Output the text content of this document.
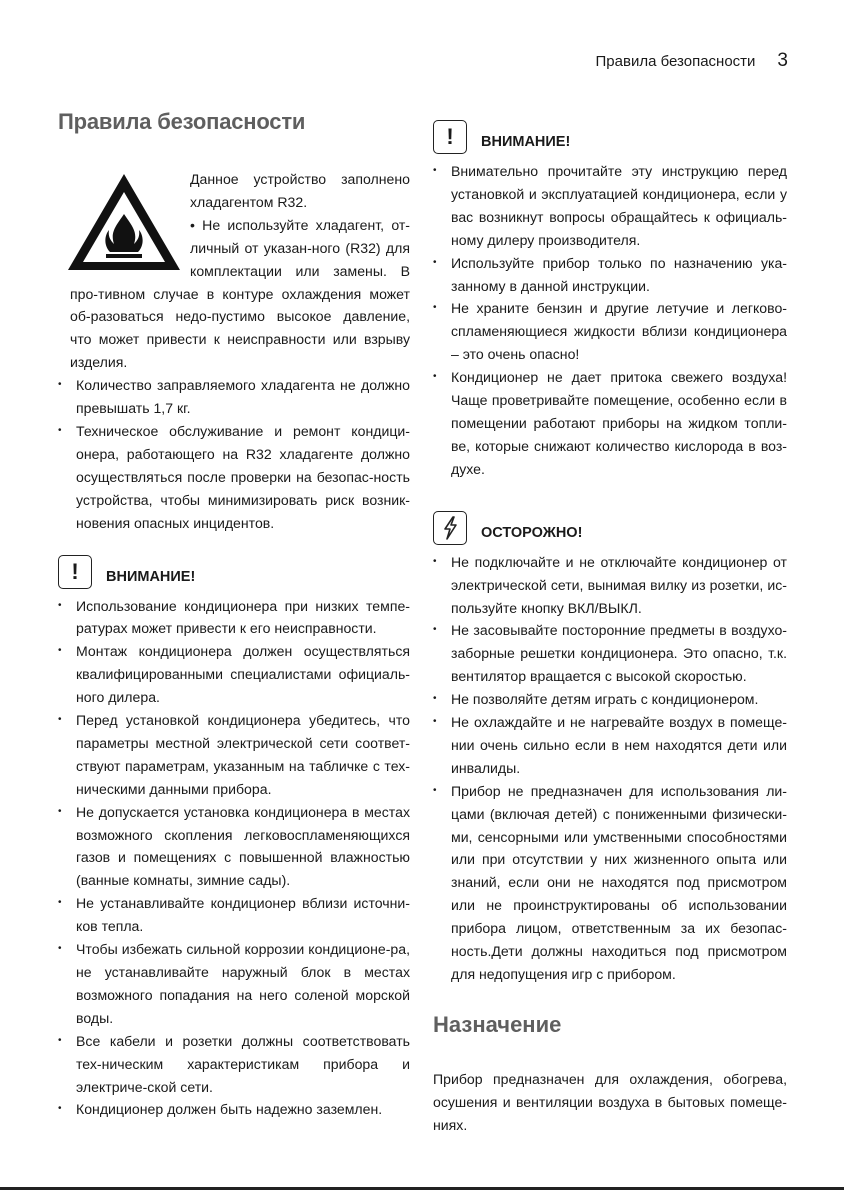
Правила безопасности 3
Правила безопасности
Данное устройство заполнено хладагентом R32.
• Не используйте хладагент, от-личный от указан-ного (R32) для комплектации или замены. В про-тивном случае в контуре охлаждения может об-разоваться недо-пустимо высокое давление, что может привести к неисправности или взрыву изделия.
• Количество заправляемого хладагента не должно превышать 1,7 кг.
• Техническое обслуживание и ремонт кондици-онера, работающего на R32 хладагенте должно осуществляться после проверки на безопас-ность устройства, чтобы минимизировать риск возник-новения опасных инцидентов.
!	ВНИМАНИЕ!
• Использование кондиционера при низких темпе-ратурах может привести к его неисправности.
• Монтаж кондиционера должен осуществляться квалифицированными специалистами официаль-ного дилера.
• Перед установкой кондиционера убедитесь, что параметры местной электрической сети соответ-ствуют параметрам, указанным на табличке с тех-ническими данными прибора.
• Не допускается установка кондиционера в местах возможного скопления легковоспламеняющихся газов и помещениях с повышенной влажностью (ванные комнаты, зимние сады).
• Не устанавливайте кондиционер вблизи источни-ков тепла.
• Чтобы избежать сильной коррозии кондиционе-ра, не устанавливайте наружный блок в местах возможного попадания на него соленой морской воды.
• Все кабели и розетки должны соответствовать тех-ническим характеристикам прибора и электриче-ской сети.
• Кондиционер должен быть надежно заземлен.
!	ВНИМАНИЕ!
• Внимательно прочитайте эту инструкцию перед установкой и эксплуатацией кондиционера, если у вас возникнут вопросы обращайтесь к официаль-ному дилеру производителя.
• Используйте прибор только по назначению ука-занному в данной инструкции.
• Не храните бензин и другие летучие и легково-спламеняющиеся жидкости вблизи кондиционера – это очень опасно!
• Кондиционер не дает притока свежего воздуха! Чаще проветривайте помещение, особенно если в помещении работают приборы на жидком топли-ве, которые снижают количество кислорода в воз-духе.
ОСТОРОЖНО!
• Не подключайте и не отключайте кондиционер от электрической сети, вынимая вилку из розетки, ис-пользуйте кнопку ВКЛ/ВЫКЛ.
• Не засовывайте посторонние предметы в воздухо-заборные решетки кондиционера. Это опасно, т.к. вентилятор вращается с высокой скоростью.
• Не позволяйте детям играть с кондиционером.
• Не охлаждайте и не нагревайте воздух в помеще-нии очень сильно если в нем находятся дети или инвалиды.
• Прибор не предназначен для использования ли-цами (включая детей) с пониженными физически-ми, сенсорными или умственными способностями или при отсутствии у них жизненного опыта или знаний, если они не находятся под присмотром или не проинструктированы об использовании прибора лицом, ответственным за их безопас-ность.Дети должны находиться под присмотром для недопущения игр с прибором.
Назначение
Прибор предназначен для охлаждения, обогрева, осушения и вентиляции воздуха в бытовых помеще-ниях.
